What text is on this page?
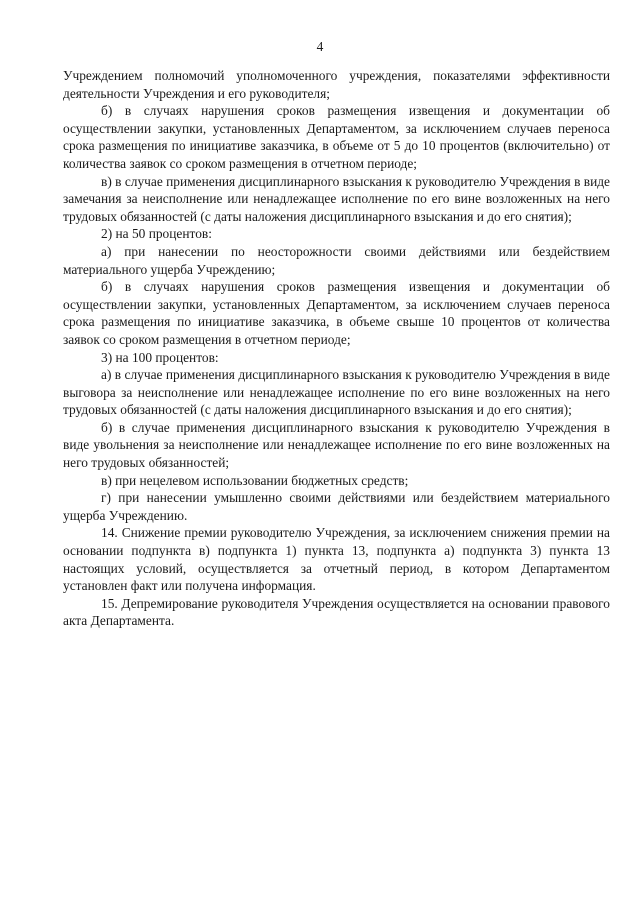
4

Учреждением полномочий уполномоченного учреждения, показателями эффективности деятельности Учреждения и его руководителя;

б) в случаях нарушения сроков размещения извещения и документации об осуществлении закупки, установленных Департаментом, за исключением случаев переноса срока размещения по инициативе заказчика, в объеме от 5 до 10 процентов (включительно) от количества заявок со сроком размещения в отчетном периоде;

в) в случае применения дисциплинарного взыскания к руководителю Учреждения в виде замечания за неисполнение или ненадлежащее исполнение по его вине возложенных на него трудовых обязанностей (с даты наложения дисциплинарного взыскания и до его снятия);

2) на 50 процентов:

а) при нанесении по неосторожности своими действиями или бездействием материального ущерба Учреждению;

б) в случаях нарушения сроков размещения извещения и документации об осуществлении закупки, установленных Департаментом, за исключением случаев переноса срока размещения по инициативе заказчика, в объеме свыше 10 процентов от количества заявок со сроком размещения в отчетном периоде;

3) на 100 процентов:

а) в случае применения дисциплинарного взыскания к руководителю Учреждения в виде выговора за неисполнение или ненадлежащее исполнение по его вине возложенных на него трудовых обязанностей (с даты наложения дисциплинарного взыскания и до его снятия);

б) в случае применения дисциплинарного взыскания к руководителю Учреждения в виде увольнения за неисполнение или ненадлежащее исполнение по его вине возложенных на него трудовых обязанностей;

в) при нецелевом использовании бюджетных средств;

г) при нанесении умышленно своими действиями или бездействием материального ущерба Учреждению.

14. Снижение премии руководителю Учреждения, за исключением снижения премии на основании подпункта в) подпункта 1) пункта 13, подпункта а) подпункта 3) пункта 13 настоящих условий, осуществляется за отчетный период, в котором Департаментом установлен факт или получена информация.

15. Депремирование руководителя Учреждения осуществляется на основании правового акта Департамента.
